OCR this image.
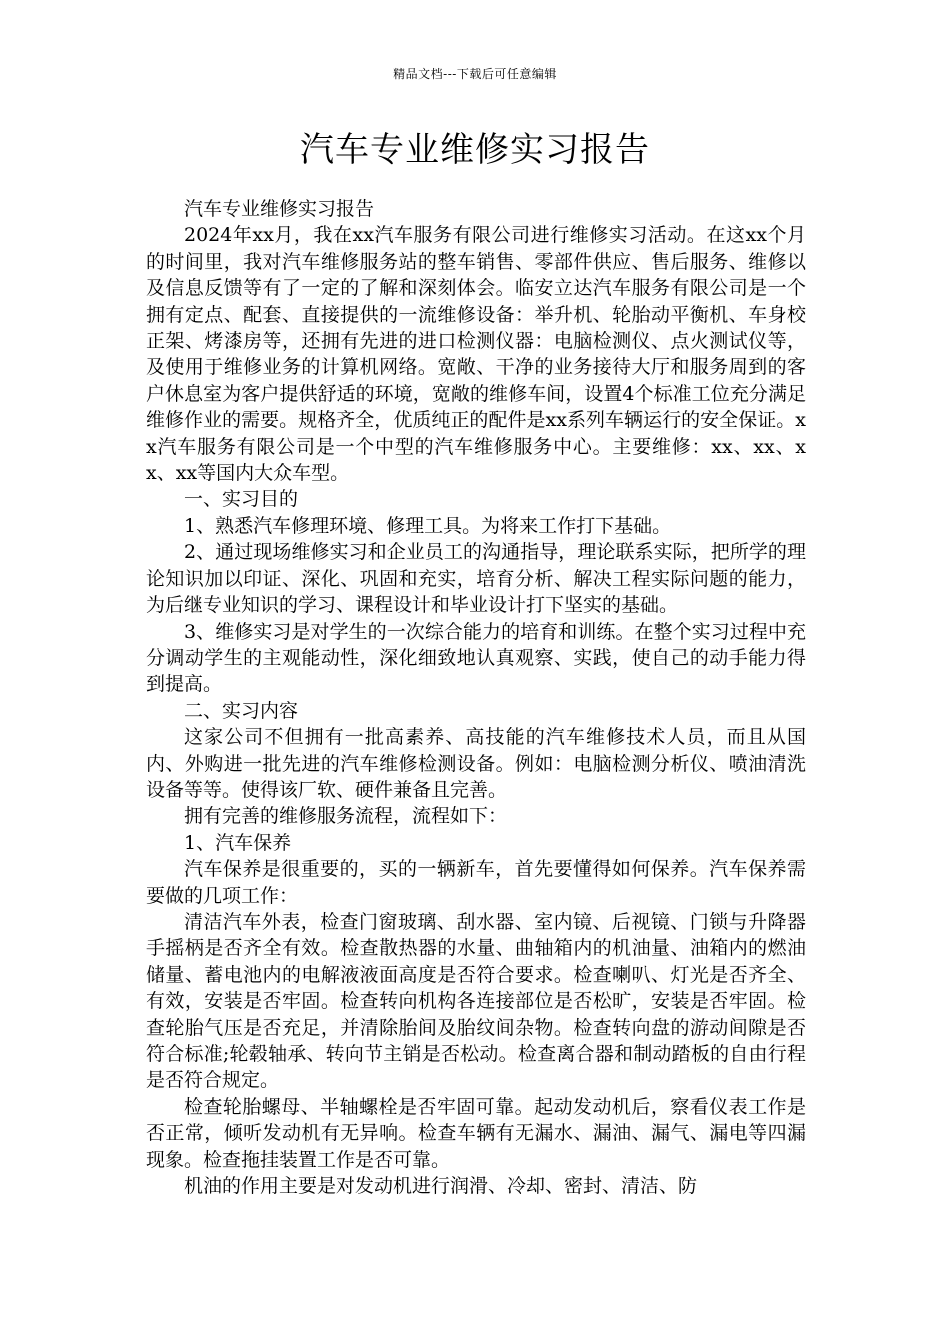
精品文档---下载后可任意编辑
汽车专业维修实习报告

汽车专业维修实习报告

2024年xx月，我在xx汽车服务有限公司进行维修实习活动。在这xx个月的时间里，我对汽车维修服务站的整车销售、零部件供应、售后服务、维修以及信息反馈等有了一定的了解和深刻体会。临安立达汽车服务有限公司是一个拥有定点、配套、直接提供的一流维修设备：举升机、轮胎动平衡机、车身校正架、烤漆房等，还拥有先进的进口检测仪器：电脑检测仪、点火测试仪等，及使用于维修业务的计算机网络。宽敞、干净的业务接待大厅和服务周到的客户休息室为客户提供舒适的环境，宽敞的维修车间，设置4个标准工位充分满足维修作业的需要。规格齐全，优质纯正的配件是xx系列车辆运行的安全保证。xx汽车服务有限公司是一个中型的汽车维修服务中心。主要维修：xx、xx、xx、xx等国内大众车型。

一、实习目的

1、熟悉汽车修理环境、修理工具。为将来工作打下基础。

2、通过现场维修实习和企业员工的沟通指导，理论联系实际，把所学的理论知识加以印证、深化、巩固和充实，培育分析、解决工程实际问题的能力，为后继专业知识的学习、课程设计和毕业设计打下坚实的基础。

3、维修实习是对学生的一次综合能力的培育和训练。在整个实习过程中充分调动学生的主观能动性，深化细致地认真观察、实践，使自己的动手能力得到提高。

二、实习内容

这家公司不但拥有一批高素养、高技能的汽车维修技术人员，而且从国内、外购进一批先进的汽车维修检测设备。例如：电脑检测分析仪、喷油清洗设备等等。使得该厂软、硬件兼备且完善。

拥有完善的维修服务流程，流程如下：

1、汽车保养

汽车保养是很重要的，买的一辆新车，首先要懂得如何保养。汽车保养需要做的几项工作：

清洁汽车外表，检查门窗玻璃、刮水器、室内镜、后视镜、门锁与升降器手摇柄是否齐全有效。检查散热器的水量、曲轴箱内的机油量、油箱内的燃油储量、蓄电池内的电解液液面高度是否符合要求。检查喇叭、灯光是否齐全、有效，安装是否牢固。检查转向机构各连接部位是否松旷，安装是否牢固。检查轮胎气压是否充足，并清除胎间及胎纹间杂物。检查转向盘的游动间隙是否符合标准;轮毂轴承、转向节主销是否松动。检查离合器和制动踏板的自由行程是否符合规定。

检查轮胎螺母、半轴螺栓是否牢固可靠。起动发动机后，察看仪表工作是否正常，倾听发动机有无异响。检查车辆有无漏水、漏油、漏气、漏电等四漏现象。检查拖挂装置工作是否可靠。

机油的作用主要是对发动机进行润滑、冷却、密封、清洁、防
